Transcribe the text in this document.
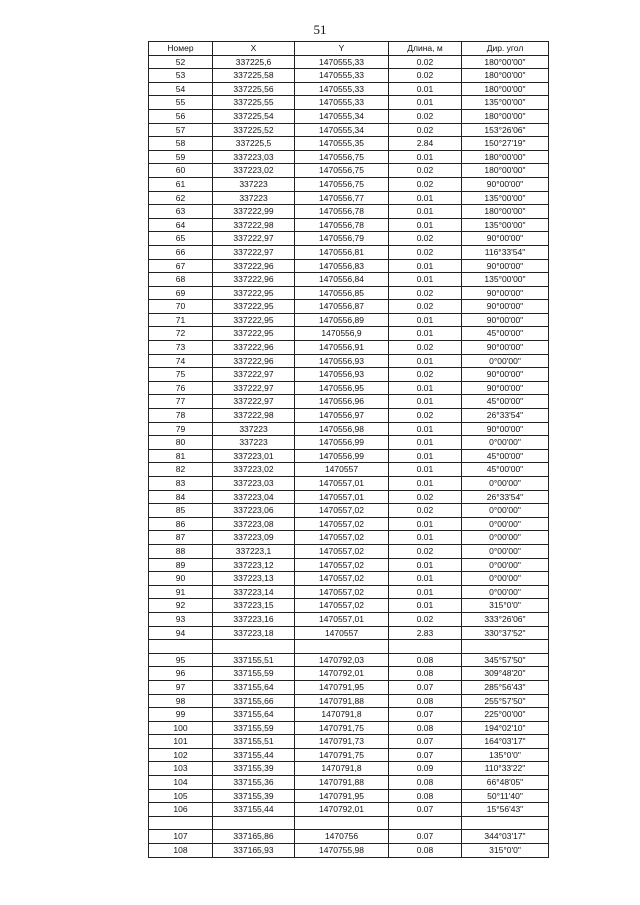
51
Номер	X	Y	Длина, м	Дир. угол
52	337225,6	1470555,33	0.02	180°00'00"
53	337225,58	1470555,33	0.02	180°00'00"
54	337225,56	1470555,33	0.01	180°00'00"
55	337225,55	1470555,33	0.01	135°00'00"
56	337225,54	1470555,34	0.02	180°00'00"
57	337225,52	1470555,34	0.02	153°26'06"
58	337225,5	1470555,35	2.84	150°27'19"
59	337223,03	1470556,75	0.01	180°00'00"
60	337223,02	1470556,75	0.02	180°00'00"
61	337223	1470556,75	0.02	90°00'00"
62	337223	1470556,77	0.01	135°00'00"
63	337222,99	1470556,78	0.01	180°00'00"
64	337222,98	1470556,78	0.01	135°00'00"
65	337222,97	1470556,79	0.02	90°00'00"
66	337222,97	1470556,81	0.02	116°33'54"
67	337222,96	1470556,83	0.01	90°00'00"
68	337222,96	1470556,84	0.01	135°00'00"
69	337222,95	1470556,85	0.02	90°00'00"
70	337222,95	1470556,87	0.02	90°00'00"
71	337222,95	1470556,89	0.01	90°00'00"
72	337222,95	1470556,9	0.01	45°00'00"
73	337222,96	1470556,91	0.02	90°00'00"
74	337222,96	1470556,93	0.01	0°00'00"
75	337222,97	1470556,93	0.02	90°00'00"
76	337222,97	1470556,95	0.01	90°00'00"
77	337222,97	1470556,96	0.01	45°00'00"
78	337222,98	1470556,97	0.02	26°33'54"
79	337223	1470556,98	0.01	90°00'00"
80	337223	1470556,99	0.01	0°00'00"
81	337223,01	1470556,99	0.01	45°00'00"
82	337223,02	1470557	0.01	45°00'00"
83	337223,03	1470557,01	0.01	0°00'00"
84	337223,04	1470557,01	0.02	26°33'54"
85	337223,06	1470557,02	0.02	0°00'00"
86	337223,08	1470557,02	0.01	0°00'00"
87	337223,09	1470557,02	0.01	0°00'00"
88	337223,1	1470557,02	0.02	0°00'00"
89	337223,12	1470557,02	0.01	0°00'00"
90	337223,13	1470557,02	0.01	0°00'00"
91	337223,14	1470557,02	0.01	0°00'00"
92	337223,15	1470557,02	0.01	315°0'0"
93	337223,16	1470557,01	0.02	333°26'06"
94	337223,18	1470557	2.83	330°37'52"

95	337155,51	1470792,03	0.08	345°57'50"
96	337155,59	1470792,01	0.08	309°48'20"
97	337155,64	1470791,95	0.07	285°56'43"
98	337155,66	1470791,88	0.08	255°57'50"
99	337155,64	1470791,8	0.07	225°00'00"
100	337155,59	1470791,75	0.08	194°02'10"
101	337155,51	1470791,73	0.07	164°03'17"
102	337155,44	1470791,75	0.07	135°0'0"
103	337155,39	1470791,8	0.09	110°33'22"
104	337155,36	1470791,88	0.08	66°48'05"
105	337155,39	1470791,95	0.08	50°11'40"
106	337155,44	1470792,01	0.07	15°56'43"

107	337165,86	1470756	0.07	344°03'17"
108	337165,93	1470755,98	0.08	315°0'0"
